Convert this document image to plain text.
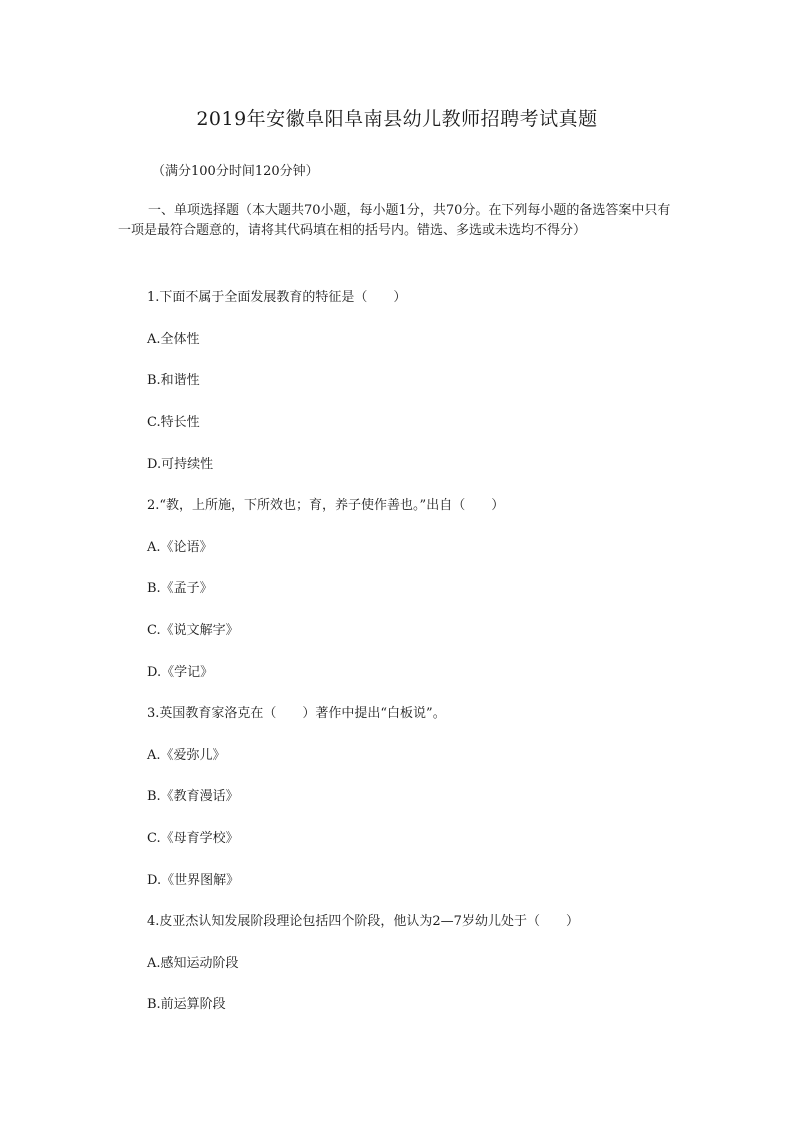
2019年安徽阜阳阜南县幼儿教师招聘考试真题
（满分100分时间120分钟）
一、单项选择题（本大题共70小题，每小题1分，共70分。在下列每小题的备选答案中只有一项是最符合题意的，请将其代码填在相的括号内。错选、多选或未选均不得分）
1.下面不属于全面发展教育的特征是（　　）
A.全体性
B.和谐性
C.特长性
D.可持续性
2.“教，上所施，下所效也；育，养子使作善也。”出自（　　）
A.《论语》
B.《孟子》
C.《说文解字》
D.《学记》
3.英国教育家洛克在（　　）著作中提出“白板说”。
A.《爱弥儿》
B.《教育漫话》
C.《母育学校》
D.《世界图解》
4.皮亚杰认知发展阶段理论包括四个阶段，他认为2—7岁幼儿处于（　　）
A.感知运动阶段
B.前运算阶段
